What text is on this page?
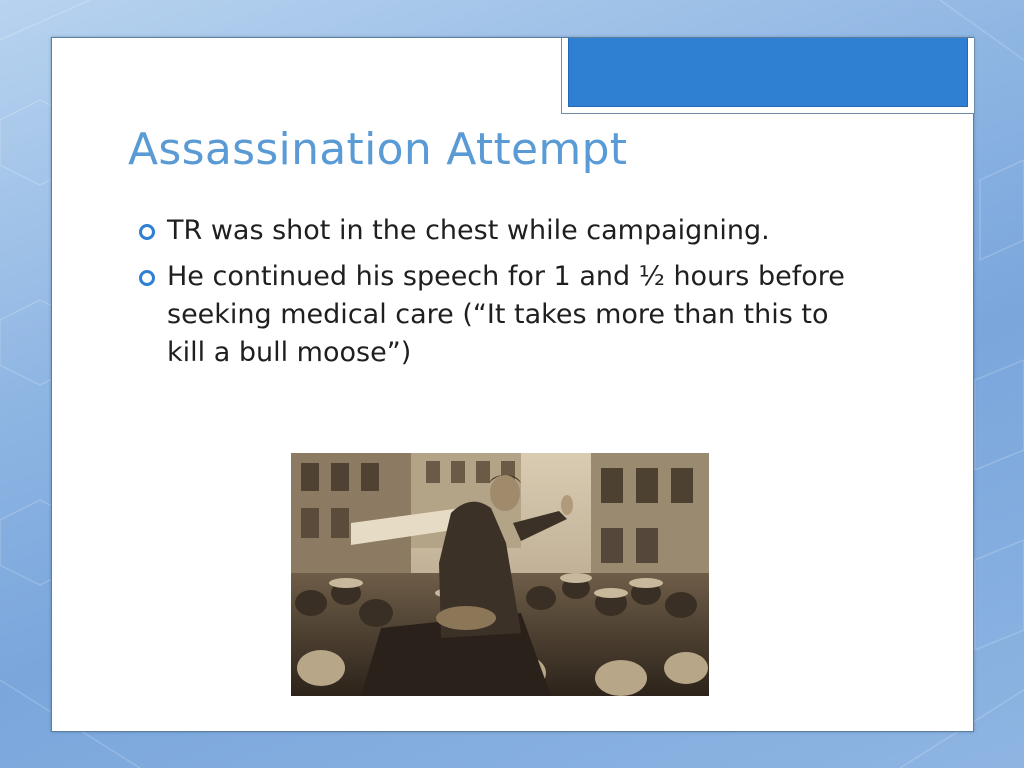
Assassination Attempt
TR was shot in the chest while campaigning.
He continued his speech for 1 and ½ hours before seeking medical care (“It takes more than this to kill a bull moose”)
